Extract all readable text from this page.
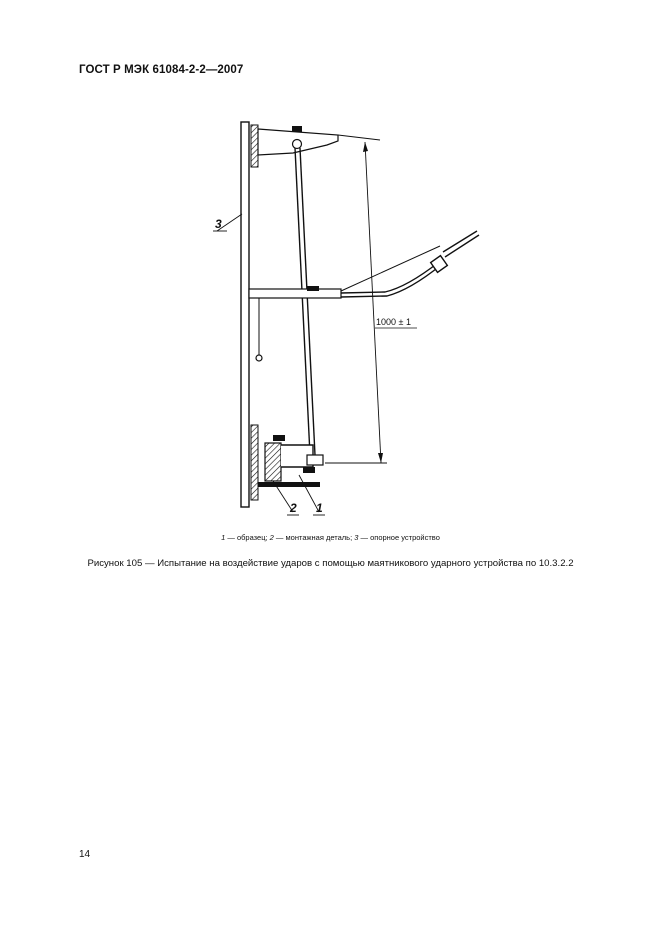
ГОСТ Р МЭК 61084-2-2—2007
1000 ± 1
3
2 1
1 — образец; 2 — монтажная деталь; 3 — опорное устройство
Рисунок 105 — Испытание на воздействие ударов с помощью маятникового ударного устройства по 10.3.2.2
14
